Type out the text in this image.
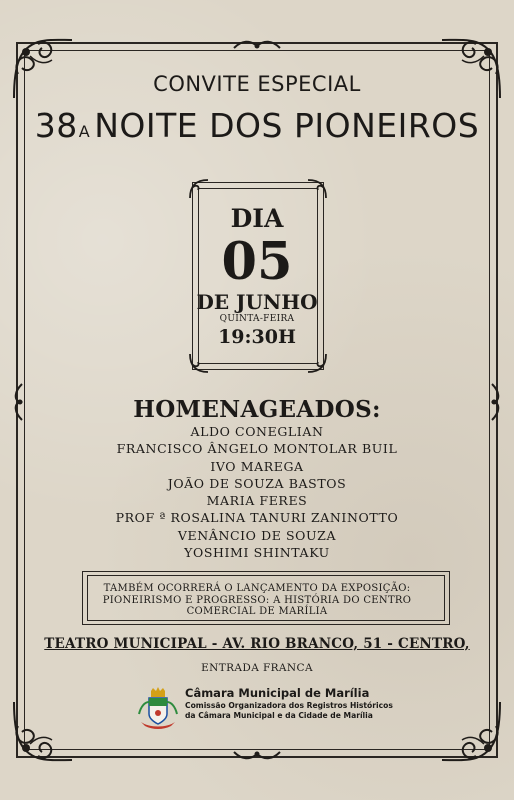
CONVITE ESPECIAL
38A NOITE DOS PIONEIROS
DIA
05
DE JUNHO
QUINTA-FEIRA
19:30H
HOMENAGEADOS:
ALDO CONEGLIAN
FRANCISCO ÂNGELO MONTOLAR BUIL
IVO MAREGA
JOÃO DE SOUZA BASTOS
MARIA FERES
PROF ª ROSALINA TANURI ZANINOTTO
VENÂNCIO DE SOUZA
YOSHIMI SHINTAKU
TAMBÉM OCORRERÁ O LANÇAMENTO DA EXPOSIÇÃO:
PIONEIRISMO E PROGRESSO: A HISTÓRIA DO CENTRO
COMERCIAL DE MARÍLIA
TEATRO MUNICIPAL - AV. RIO BRANCO, 51 - CENTRO,
ENTRADA FRANCA
Câmara Municipal de Marília
Comissão Organizadora dos Registros Históricos
da Câmara Municipal e da Cidade de Marília
